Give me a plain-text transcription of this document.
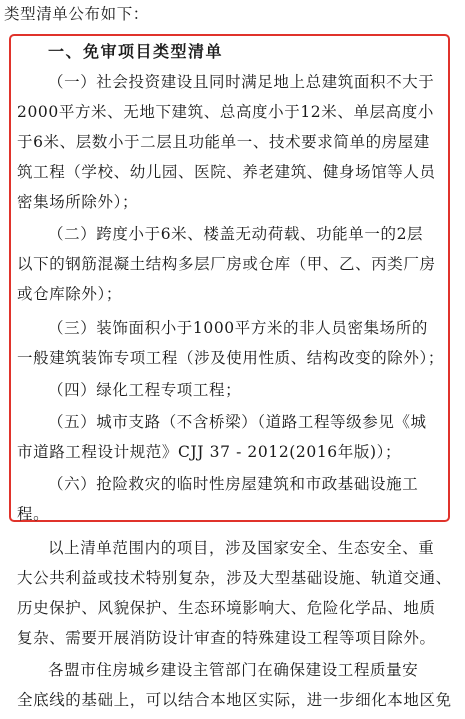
类型清单公布如下：
一、免审项目类型清单
（一）社会投资建设且同时满足地上总建筑面积不大于
2000平方米、无地下建筑、总高度小于12米、单层高度小
于6米、层数小于二层且功能单一、技术要求简单的房屋建
筑工程（学校、幼儿园、医院、养老建筑、健身场馆等人员
密集场所除外）；
（二）跨度小于6米、楼盖无动荷载、功能单一的2层
以下的钢筋混凝土结构多层厂房或仓库（甲、乙、丙类厂房
或仓库除外）；
（三）装饰面积小于1000平方米的非人员密集场所的
一般建筑装饰专项工程（涉及使用性质、结构改变的除外）；
（四）绿化工程专项工程；
（五）城市支路（不含桥梁）（道路工程等级参见《城
市道路工程设计规范》CJJ 37 - 2012(2016年版)）；
（六）抢险救灾的临时性房屋建筑和市政基础设施工
程。
以上清单范围内的项目，涉及国家安全、生态安全、重
大公共利益或技术特别复杂，涉及大型基础设施、轨道交通、
历史保护、风貌保护、生态环境影响大、危险化学品、地质
复杂、需要开展消防设计审查的特殊建设工程等项目除外。
各盟市住房城乡建设主管部门在确保建设工程质量安
全底线的基础上，可以结合本地区实际，进一步细化本地区免
